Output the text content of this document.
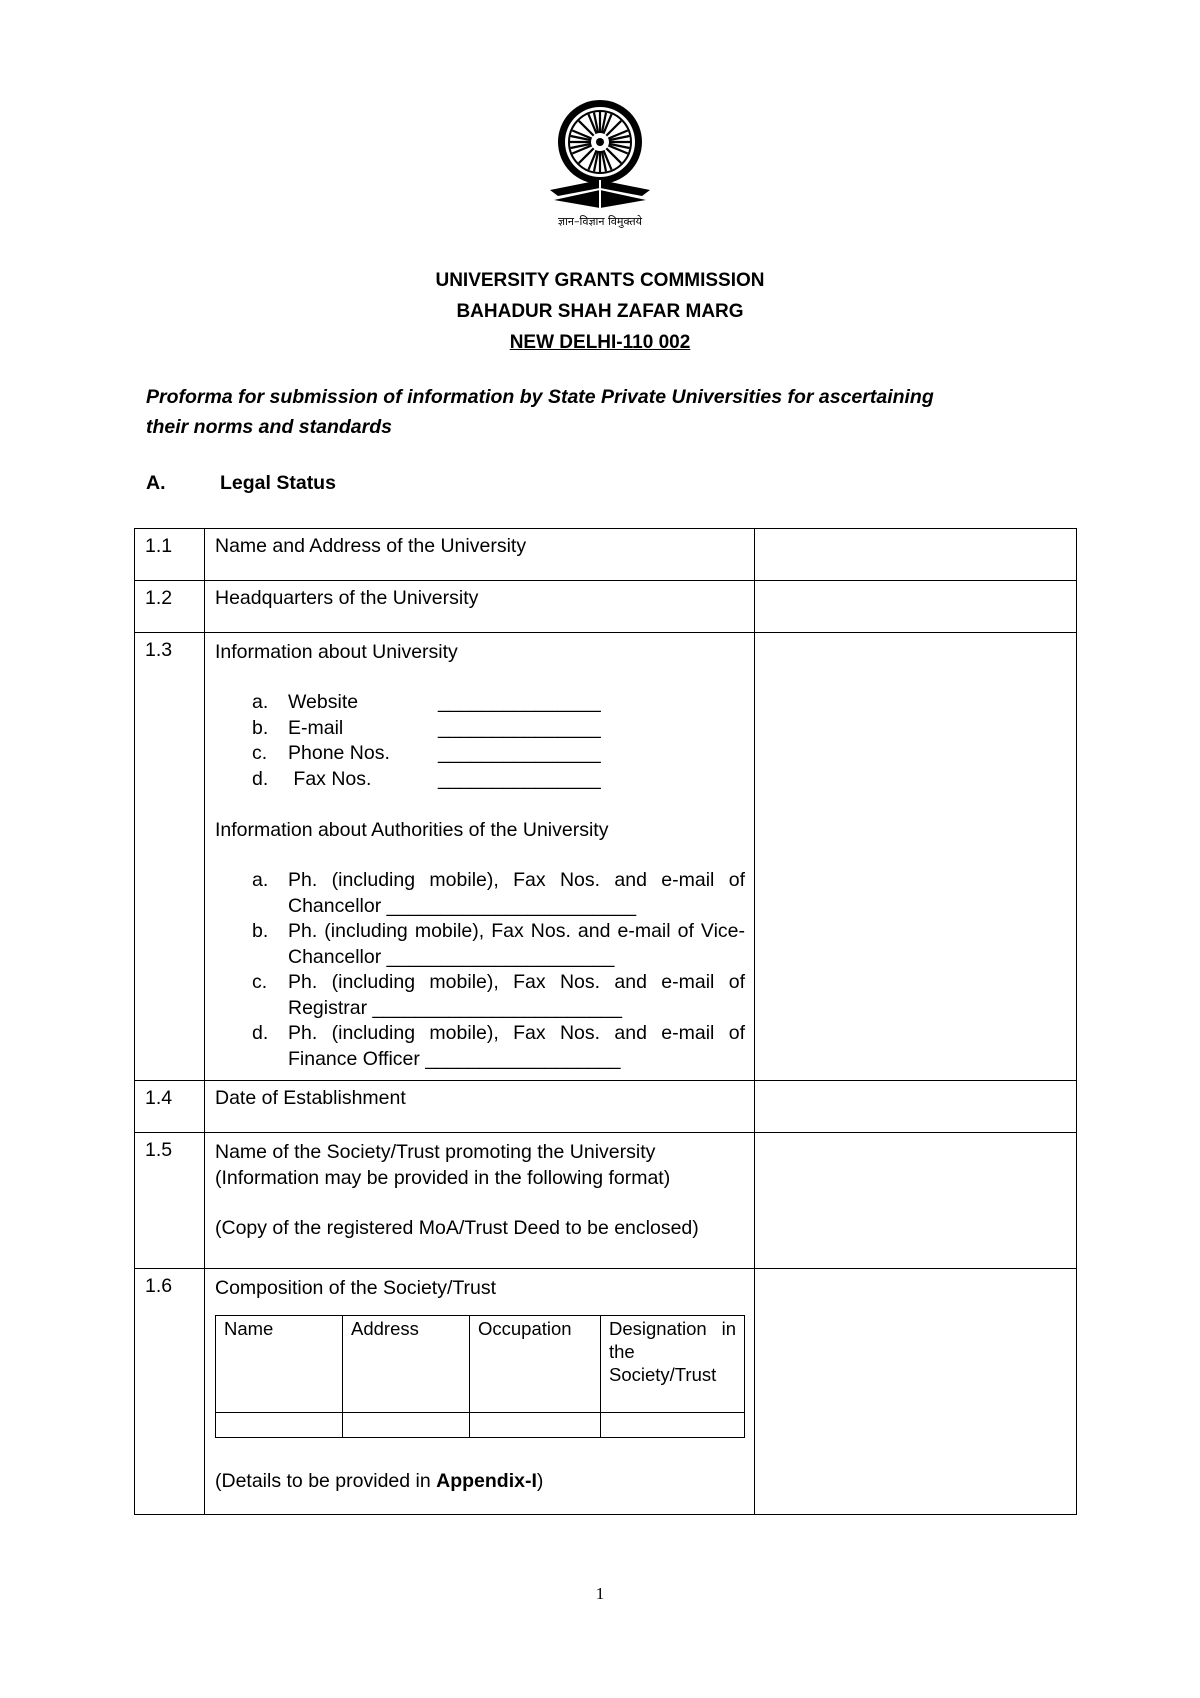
ज्ञान–विज्ञान विमुक्तये
UNIVERSITY GRANTS COMMISSION
BAHADUR SHAH ZAFAR MARG
NEW DELHI-110 002
Proforma for submission of information by State Private Universities for ascertaining
their norms and standards
A.	Legal Status
1.1	Name and Address of the University	
1.2	Headquarters of the University	
1.3	Information about University
a.	Website	_______________
b.	E-mail	_______________
c.	Phone Nos.	_______________
d.	Fax Nos.	_______________
Information about Authorities of the University
a.	Ph. (including mobile), Fax Nos. and e-mail of Chancellor _______________________
b.	Ph. (including mobile), Fax Nos. and e-mail of Vice-Chancellor _____________________
c.	Ph. (including mobile), Fax Nos. and e-mail of Registrar _______________________
d.	Ph. (including mobile), Fax Nos. and e-mail of Finance Officer __________________

1.4	Date of Establishment	
1.5	Name of the Society/Trust promoting the University
(Information may be provided in the following format)
(Copy of the registered MoA/Trust Deed to be enclosed)

1.6	Composition of the Society/Trust
Name	Address	Occupation	Designation in the Society/Trust

(Details to be provided in Appendix-I)

1
